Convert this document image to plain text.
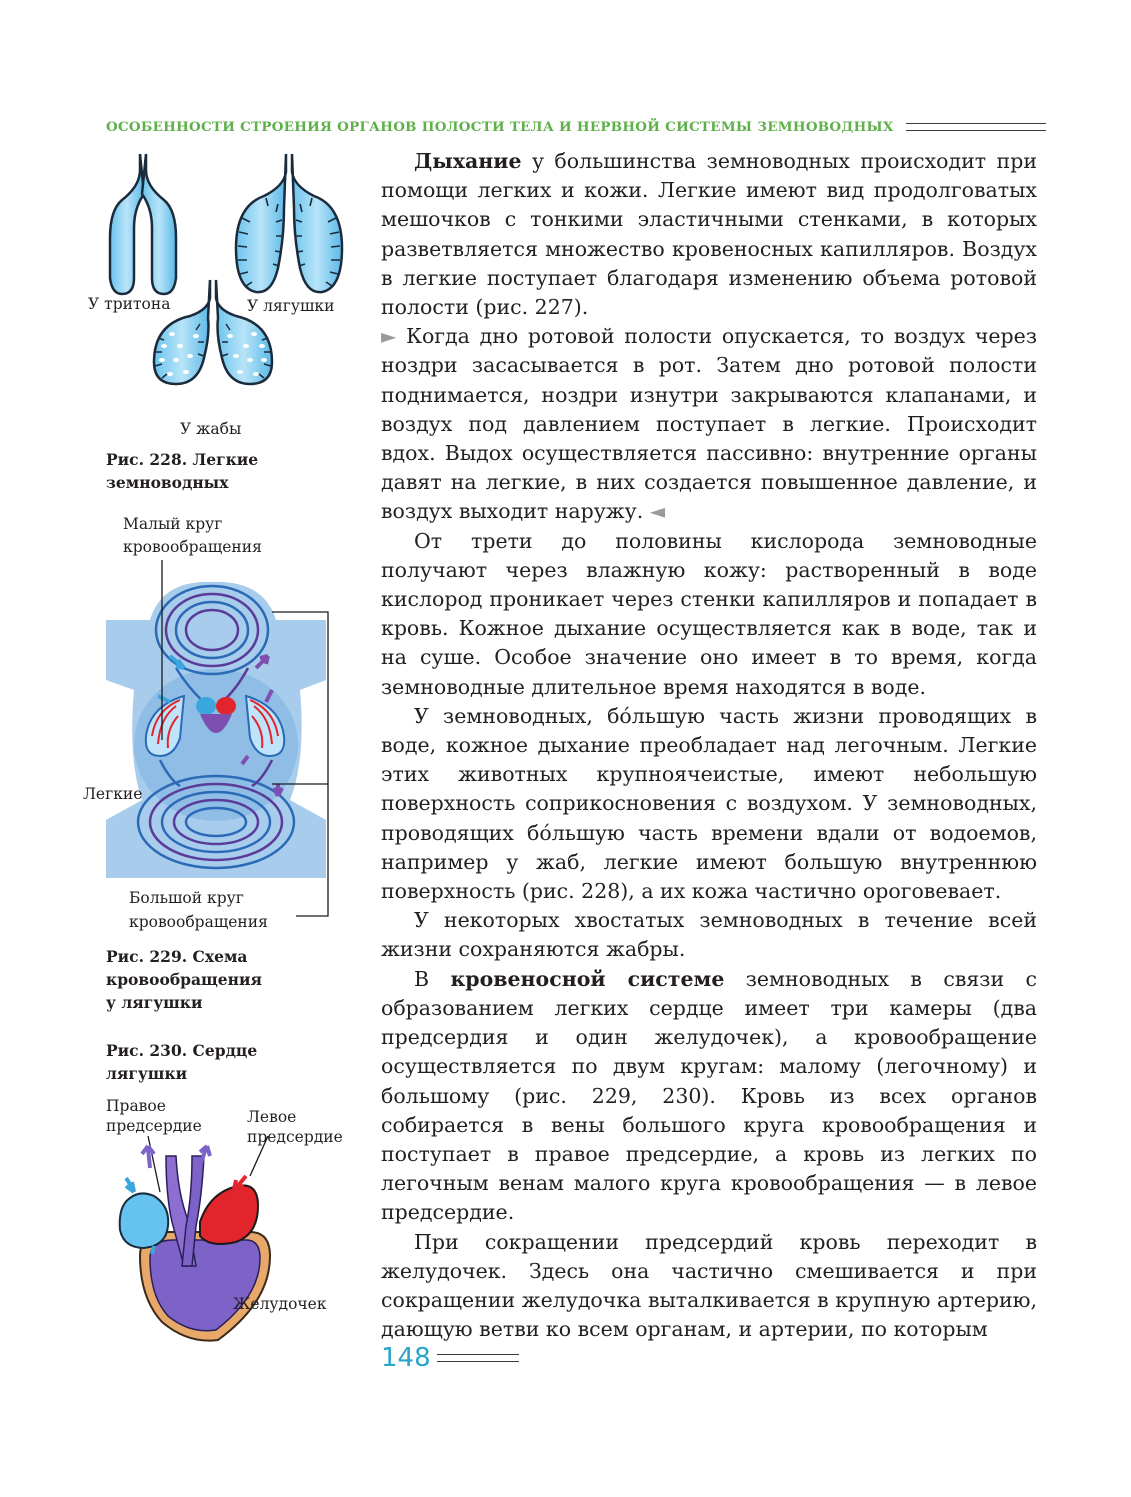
ОСОБЕННОСТИ СТРОЕНИЯ ОРГАНОВ ПОЛОСТИ ТЕЛА И НЕРВНОЙ СИСТЕМЫ ЗЕМНОВОДНЫХ
У тритона	У лягушки
У жабы
Рис. 228. Легкие
земноводных
Малый круг
кровообращения
Легкие
Большой круг
кровообращения
Рис. 229. Схема
кровообращения
у лягушки
Рис. 230. Сердце
лягушки
Правое
предсердие	Левое
предсердие
Желудочек

Дыхание у большинства земноводных происходит при помощи легких и кожи. Легкие имеют вид продолговатых мешочков с тонкими эластичными стенками, в которых разветвляется множество кровеносных капилляров. Воздух в легкие поступает благодаря изменению объема ротовой полости (рис. 227).

► Когда дно ротовой полости опускается, то воздух через ноздри засасывается в рот. Затем дно ротовой полости поднимается, ноздри изнутри закрываются клапанами, и воздух под давлением поступает в легкие. Происходит вдох. Выдох осуществляется пассивно: внутренние органы давят на легкие, в них создается повышенное давление, и воздух выходит наружу. ◄

От трети до половины кислорода земноводные получают через влажную кожу: растворенный в воде кислород проникает через стенки капилляров и попадает в кровь. Кожное дыхание осуществляется как в воде, так и на суше. Особое значение оно имеет в то время, когда земноводные длительное время находятся в воде.

У земноводных, бо́льшую часть жизни проводящих в воде, кожное дыхание преобладает над легочным. Легкие этих животных крупноячеистые, имеют небольшую поверхность соприкосновения с воздухом. У земноводных, проводящих бо́льшую часть времени вдали от водоемов, например у жаб, легкие имеют большую внутреннюю поверхность (рис. 228), а их кожа частично ороговевает.

У некоторых хвостатых земноводных в течение всей жизни сохраняются жабры.

В кровеносной системе земноводных в связи с образованием легких сердце имеет три камеры (два предсердия и один желудочек), а кровообращение осуществляется по двум кругам: малому (легочному) и большому (рис. 229, 230). Кровь из всех органов собирается в вены большого круга кровообращения и поступает в правое предсердие, а кровь из легких по легочным венам малого круга кровообращения — в левое предсердие.

При сокращении предсердий кровь переходит в желудочек. Здесь она частично смешивается и при сокращении желудочка выталкивается в крупную артерию, дающую ветви ко всем органам, и артерии, по которым

148
